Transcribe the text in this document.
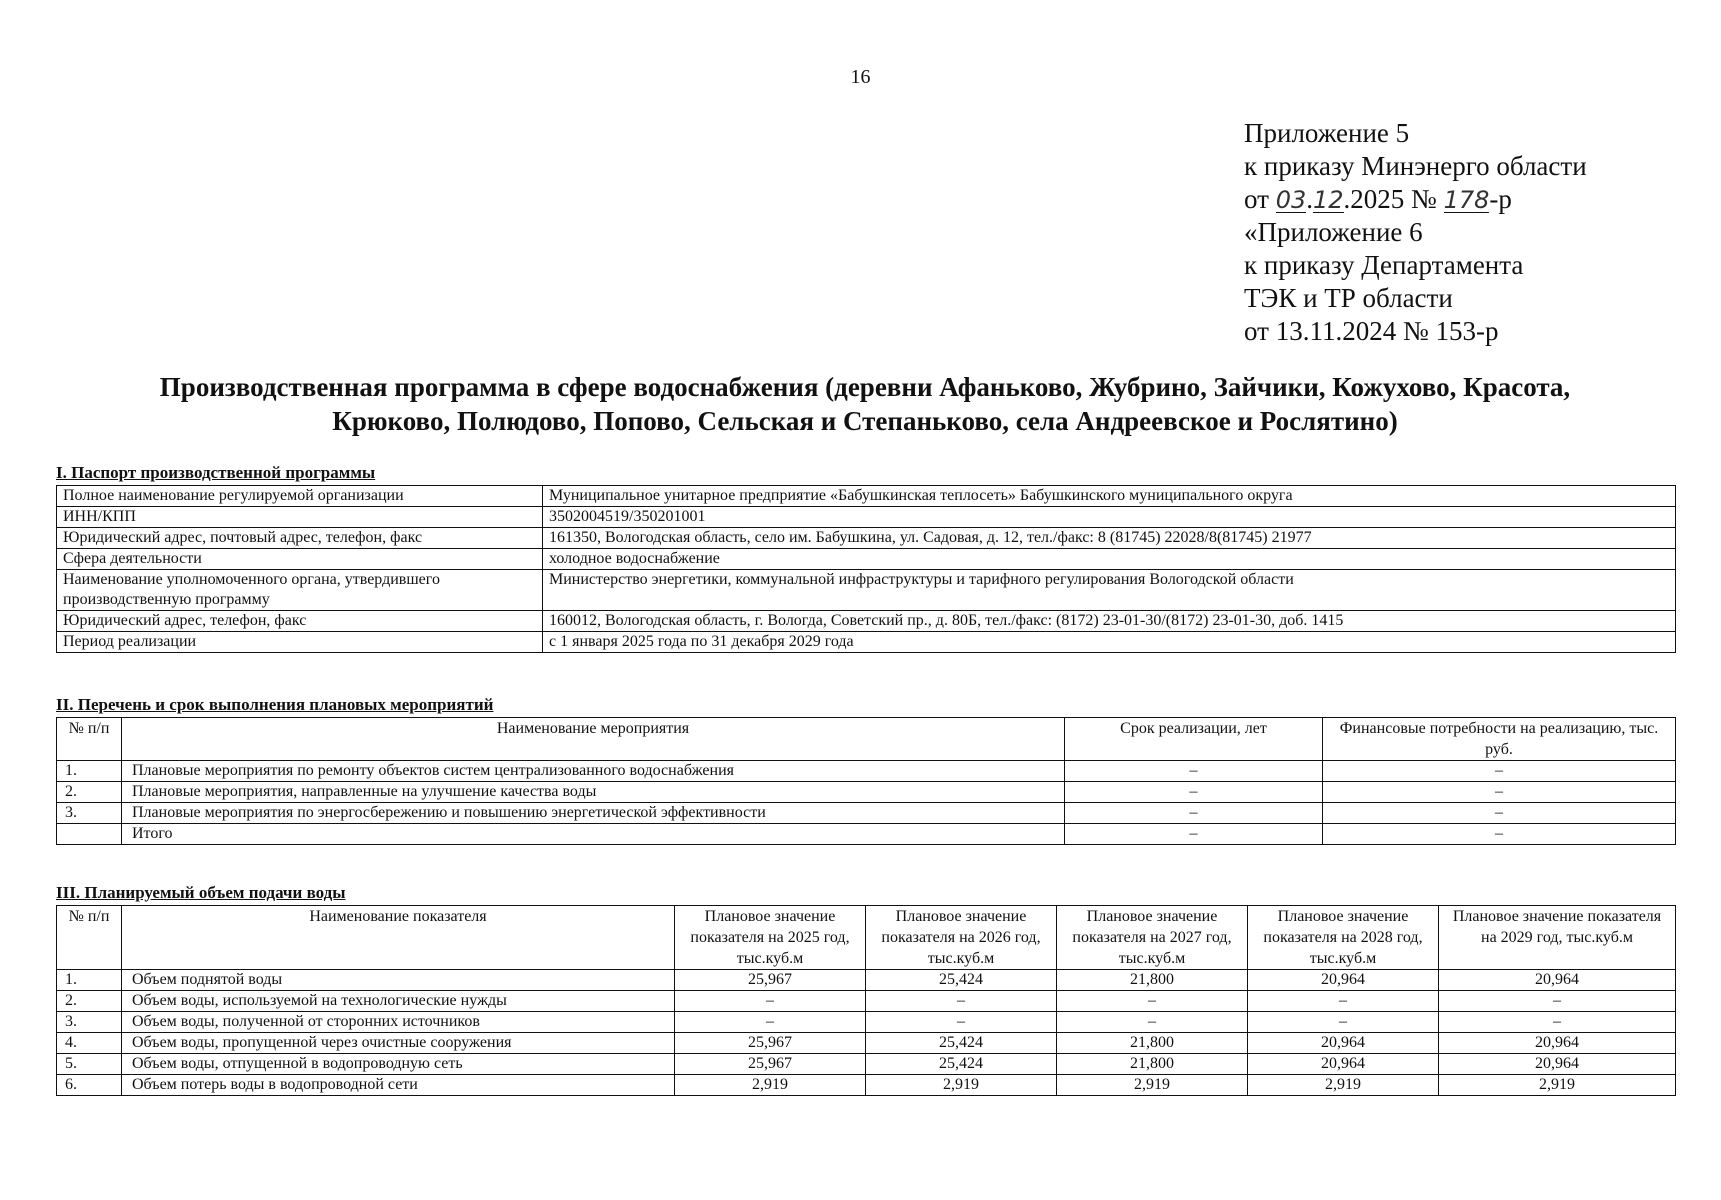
16
Приложение 5
к приказу Минэнерго области
от 03.12.2025 № 178-р
«Приложение 6
к приказу Департамента
ТЭК и ТР области
от 13.11.2024 № 153-р
Производственная программа в сфере водоснабжения (деревни Афаньково, Жубрино, Зайчики, Кожухово, Красота,
Крюково, Полюдово, Попово, Сельская и Степаньково, села Андреевское и Рослятино)
I. Паспорт производственной программы
Полное наименование регулируемой организации	Муниципальное унитарное предприятие «Бабушкинская теплосеть» Бабушкинского муниципального округа
ИНН/КПП	3502004519/350201001
Юридический адрес, почтовый адрес, телефон, факс	161350, Вологодская область, село им. Бабушкина, ул. Садовая, д. 12, тел./факс: 8 (81745) 22028/8(81745) 21977
Сфера деятельности	холодное водоснабжение
Наименование уполномоченного органа, утвердившего производственную программу	Министерство энергетики, коммунальной инфраструктуры и тарифного регулирования Вологодской области
Юридический адрес, телефон, факс	160012, Вологодская область, г. Вологда, Советский пр., д. 80Б, тел./факс: (8172) 23-01-30/(8172) 23-01-30, доб. 1415
Период реализации	с 1 января 2025 года по 31 декабря 2029 года
II. Перечень и срок выполнения плановых мероприятий
№ п/п	Наименование мероприятия	Срок реализации, лет	Финансовые потребности на реализацию, тыс. руб.
1.	Плановые мероприятия по ремонту объектов систем централизованного водоснабжения	–	–
2.	Плановые мероприятия, направленные на улучшение качества воды	–	–
3.	Плановые мероприятия по энергосбережению и повышению энергетической эффективности	–	–
	Итого	–	–
III. Планируемый объем подачи воды
№ п/п	Наименование показателя	Плановое значение показателя на 2025 год, тыс.куб.м	Плановое значение показателя на 2026 год, тыс.куб.м	Плановое значение показателя на 2027 год, тыс.куб.м	Плановое значение показателя на 2028 год, тыс.куб.м	Плановое значение показателя на 2029 год, тыс.куб.м
1.	Объем поднятой воды	25,967	25,424	21,800	20,964	20,964
2.	Объем воды, используемой на технологические нужды	–	–	–	–	–
3.	Объем воды, полученной от сторонних источников	–	–	–	–	–
4.	Объем воды, пропущенной через очистные сооружения	25,967	25,424	21,800	20,964	20,964
5.	Объем воды, отпущенной в водопроводную сеть	25,967	25,424	21,800	20,964	20,964
6.	Объем потерь воды в водопроводной сети	2,919	2,919	2,919	2,919	2,919
